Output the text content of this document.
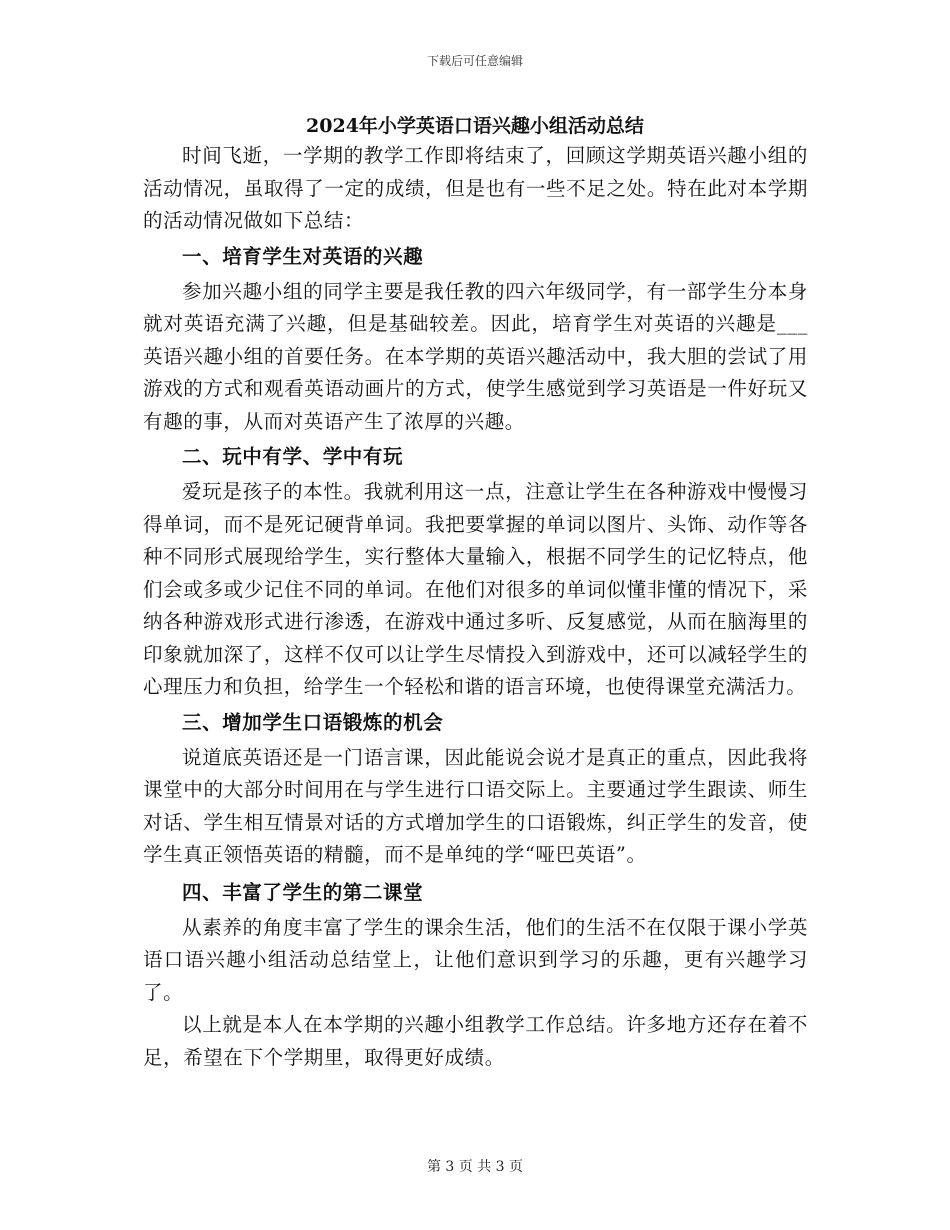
下载后可任意编辑
2024年小学英语口语兴趣小组活动总结

时间飞逝，一学期的教学工作即将结束了，回顾这学期英语兴趣小组的活动情况，虽取得了一定的成绩，但是也有一些不足之处。特在此对本学期的活动情况做如下总结：

一、培育学生对英语的兴趣

参加兴趣小组的同学主要是我任教的四六年级同学，有一部学生分本身就对英语充满了兴趣，但是基础较差。因此，培育学生对英语的兴趣是___英语兴趣小组的首要任务。在本学期的英语兴趣活动中，我大胆的尝试了用游戏的方式和观看英语动画片的方式，使学生感觉到学习英语是一件好玩又有趣的事，从而对英语产生了浓厚的兴趣。

二、玩中有学、学中有玩

爱玩是孩子的本性。我就利用这一点，注意让学生在各种游戏中慢慢习得单词，而不是死记硬背单词。我把要掌握的单词以图片、头饰、动作等各种不同形式展现给学生，实行整体大量输入，根据不同学生的记忆特点，他们会或多或少记住不同的单词。在他们对很多的单词似懂非懂的情况下，采纳各种游戏形式进行渗透，在游戏中通过多听、反复感觉，从而在脑海里的印象就加深了，这样不仅可以让学生尽情投入到游戏中，还可以减轻学生的心理压力和负担，给学生一个轻松和谐的语言环境，也使得课堂充满活力。

三、增加学生口语锻炼的机会

说道底英语还是一门语言课，因此能说会说才是真正的重点，因此我将课堂中的大部分时间用在与学生进行口语交际上。主要通过学生跟读、师生对话、学生相互情景对话的方式增加学生的口语锻炼，纠正学生的发音，使学生真正领悟英语的精髓，而不是单纯的学“哑巴英语”。

四、丰富了学生的第二课堂

从素养的角度丰富了学生的课余生活，他们的生活不在仅限于课小学英语口语兴趣小组活动总结堂上，让他们意识到学习的乐趣，更有兴趣学习了。

以上就是本人在本学期的兴趣小组教学工作总结。许多地方还存在着不足，希望在下个学期里，取得更好成绩。

第 3 页 共 3 页
